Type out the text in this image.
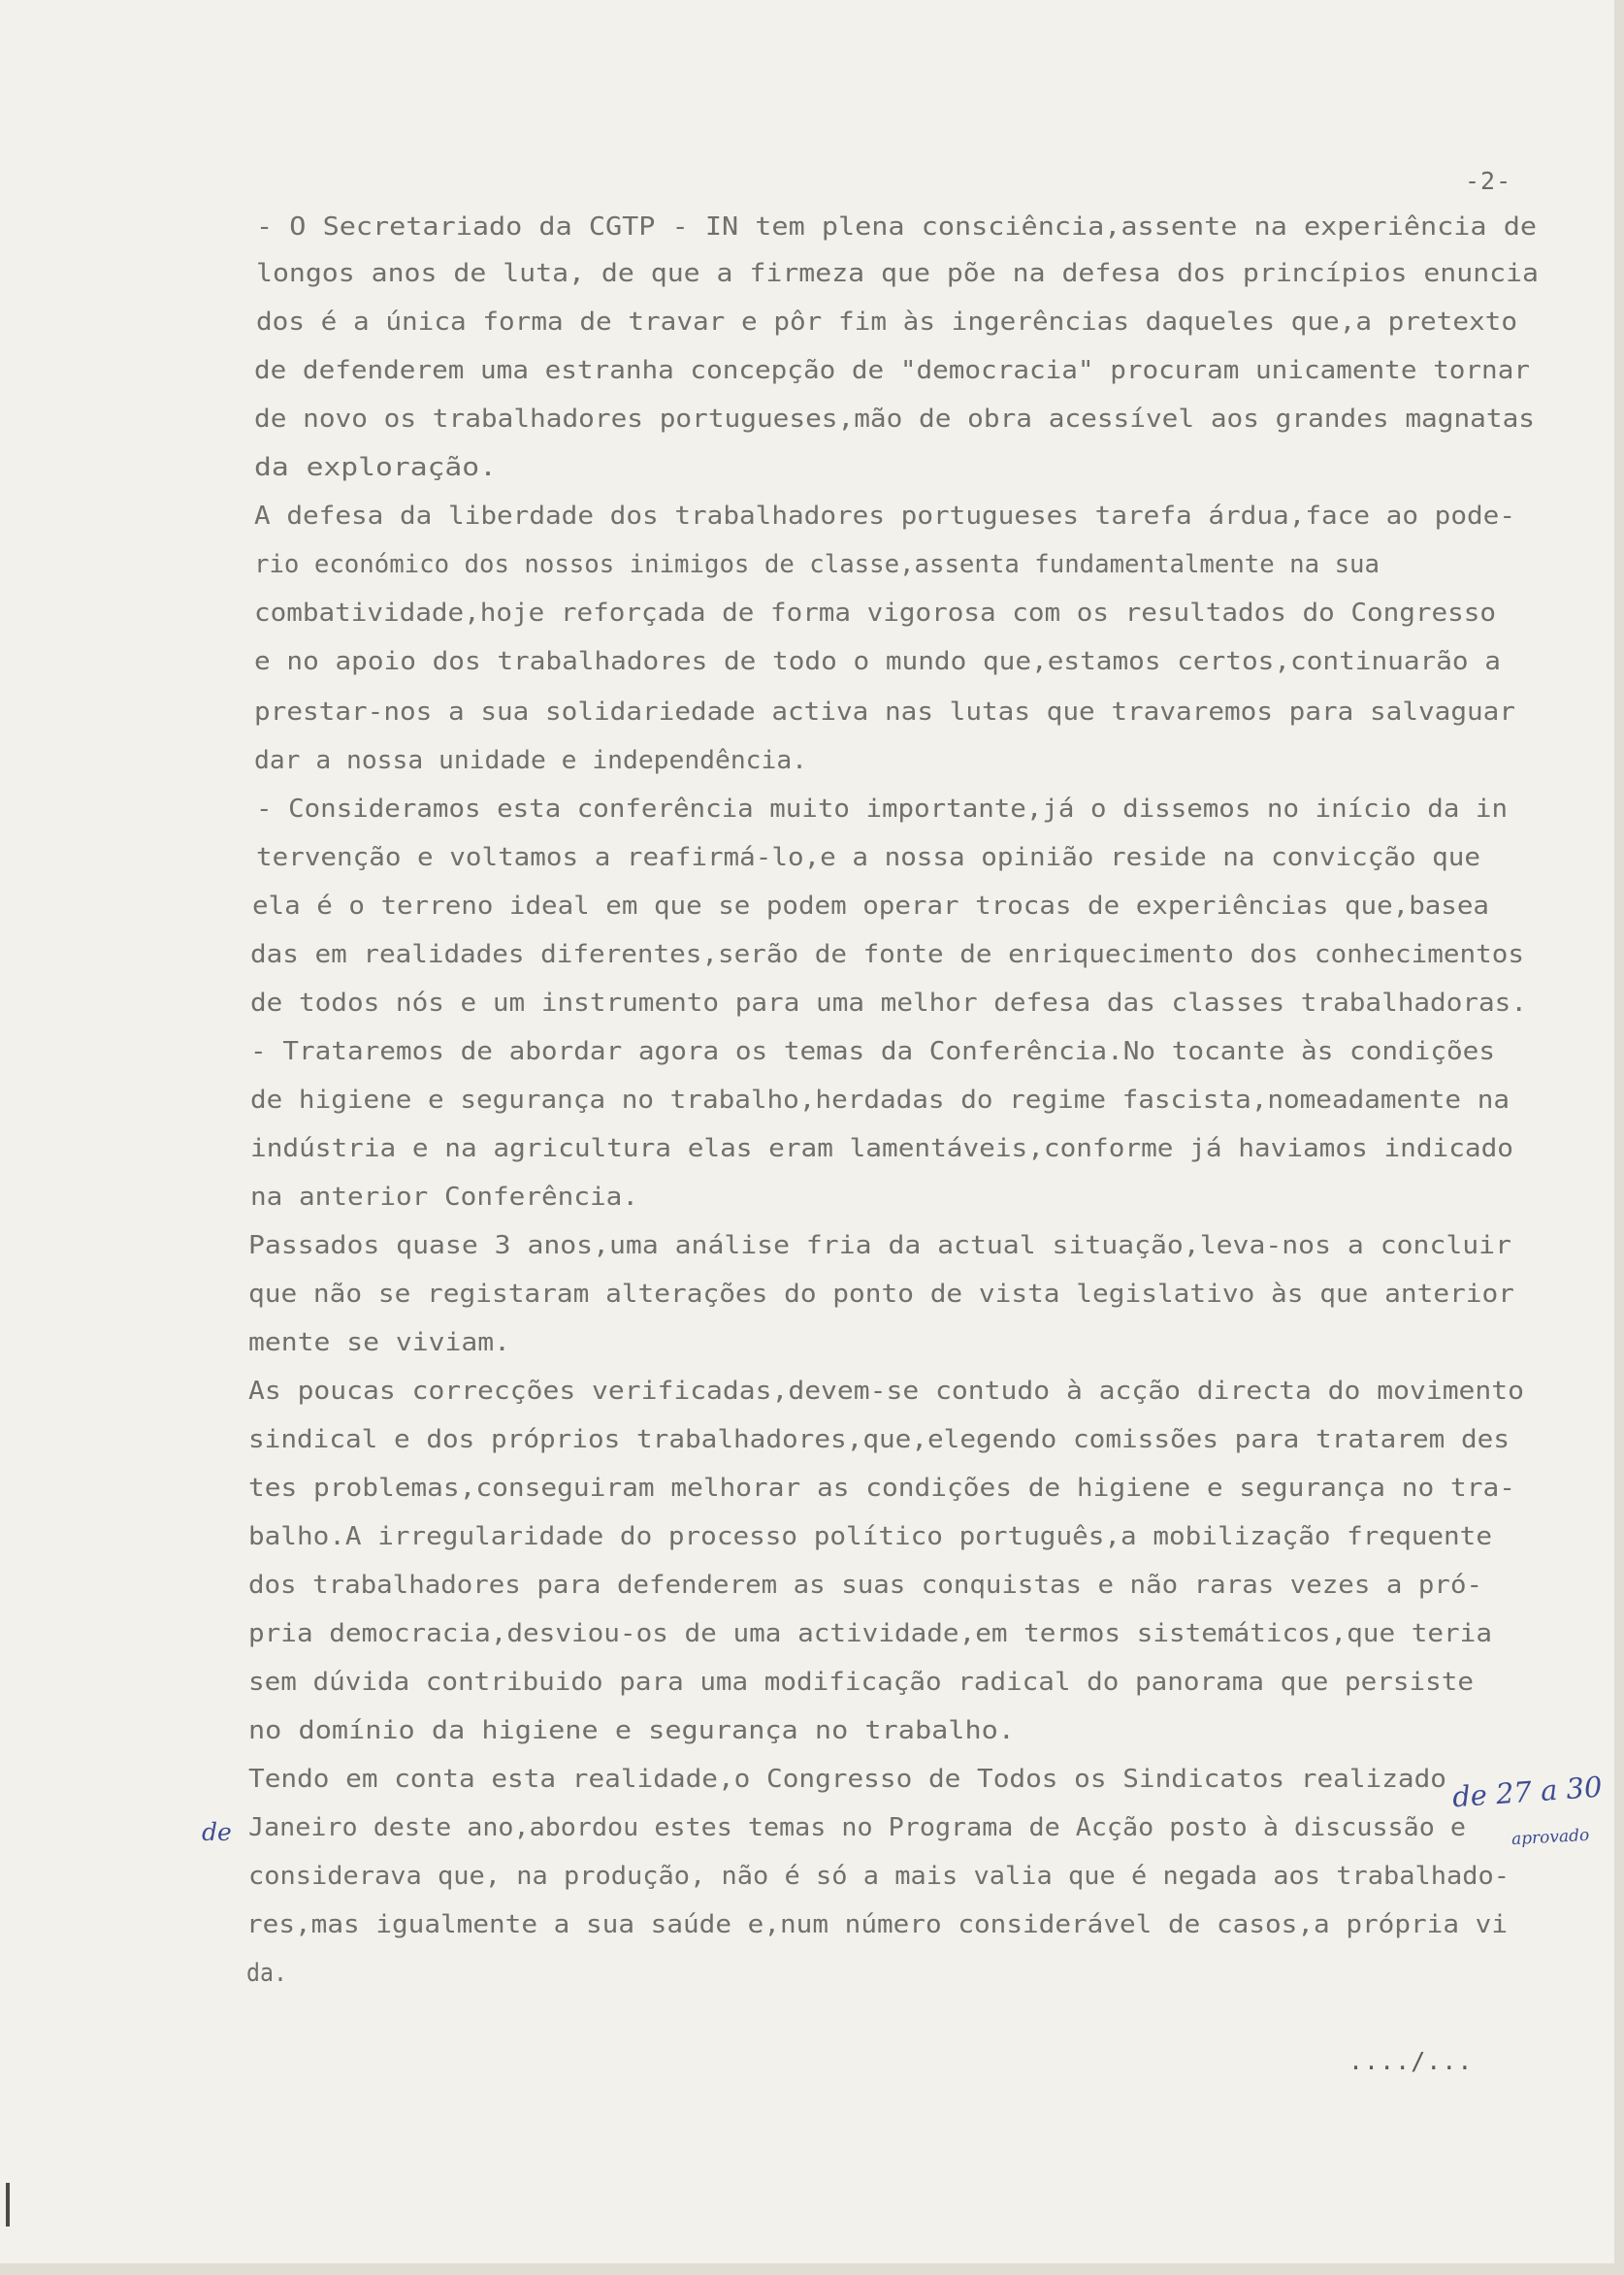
-2-
- O Secretariado da CGTP - IN tem plena consciência,assente na experiência de
longos anos de luta, de que a firmeza que põe na defesa dos princípios enuncia
dos é a única forma de travar e pôr fim às ingerências daqueles que,a pretexto
de defenderem uma estranha concepção de "democracia" procuram unicamente tornar
de novo os trabalhadores portugueses,mão de obra acessível aos grandes magnatas
da exploração.
A defesa da liberdade dos trabalhadores portugueses tarefa árdua,face ao pode-
rio económico dos nossos inimigos de classe,assenta fundamentalmente na sua
combatividade,hoje reforçada de forma vigorosa com os resultados do Congresso
e no apoio dos trabalhadores de todo o mundo que,estamos certos,continuarão a
prestar-nos a sua solidariedade activa nas lutas que travaremos para salvaguar
dar a nossa unidade e independência.
- Consideramos esta conferência muito importante,já o dissemos no início da in
tervenção e voltamos a reafirmá-lo,e a nossa opinião reside na convicção que
ela é o terreno ideal em que se podem operar trocas de experiências que,basea
das em realidades diferentes,serão de fonte de enriquecimento dos conhecimentos
de todos nós e um instrumento para uma melhor defesa das classes trabalhadoras.
- Trataremos de abordar agora os temas da Conferência.No tocante às condições
de higiene e segurança no trabalho,herdadas do regime fascista,nomeadamente na
indústria e na agricultura elas eram lamentáveis,conforme já haviamos indicado
na anterior Conferência.
Passados quase 3 anos,uma análise fria da actual situação,leva-nos a concluir
que não se registaram alterações do ponto de vista legislativo às que anterior
mente se viviam.
As poucas correcções verificadas,devem-se contudo à acção directa do movimento
sindical e dos próprios trabalhadores,que,elegendo comissões para tratarem des
tes problemas,conseguiram melhorar as condições de higiene e segurança no tra-
balho.A irregularidade do processo político português,a mobilização frequente
dos trabalhadores para defenderem as suas conquistas e não raras vezes a pró-
pria democracia,desviou-os de uma actividade,em termos sistemáticos,que teria
sem dúvida contribuido para uma modificação radical do panorama que persiste
no domínio da higiene e segurança no trabalho.
Tendo em conta esta realidade,o Congresso de Todos os Sindicatos realizado
Janeiro deste ano,abordou estes temas no Programa de Acção posto à discussão e
considerava que, na produção, não é só a mais valia que é negada aos trabalhado-
res,mas igualmente a sua saúde e,num número considerável de casos,a própria vi
da.
de 27 a 30
de	aprovado
..../...
